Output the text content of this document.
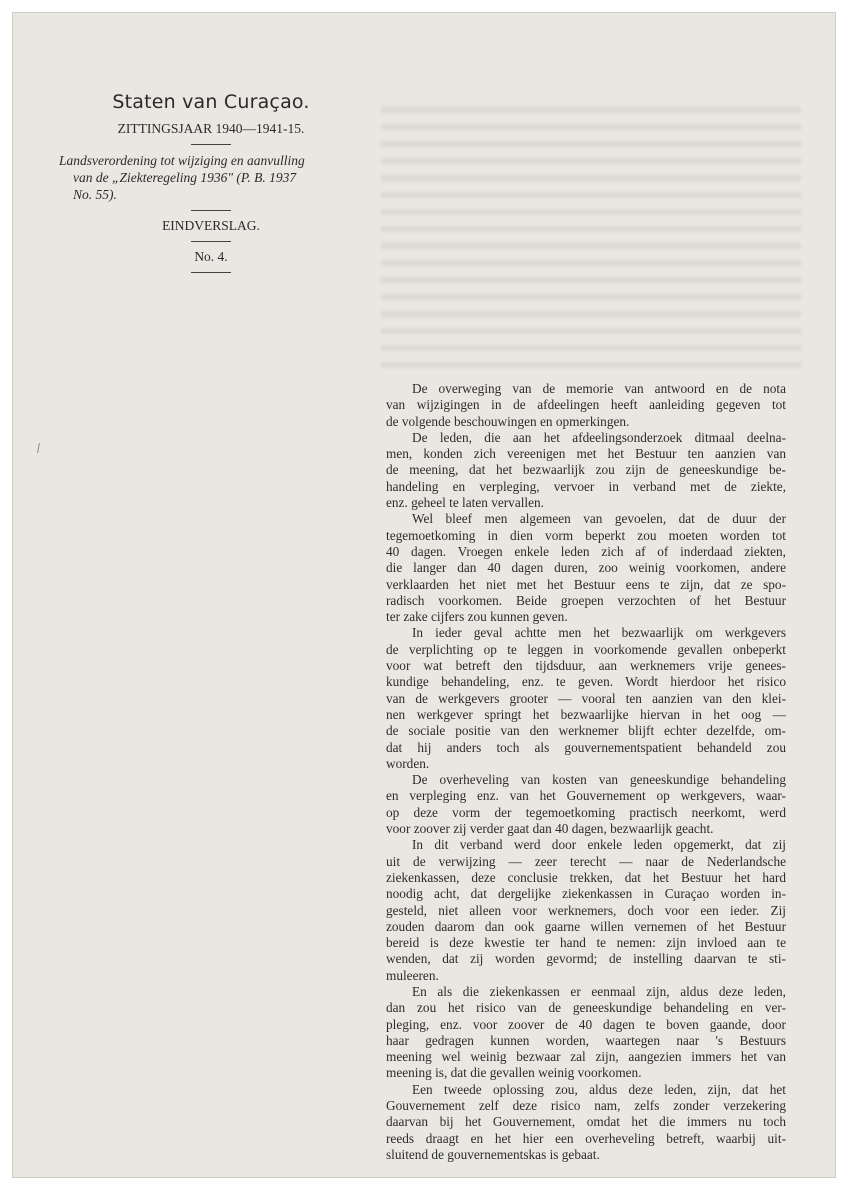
Staten van Curaçao.
ZITTINGSJAAR 1940—1941-15.
Landsverordening tot wijziging en aanvulling
van de „Ziekteregeling 1936" (P. B. 1937
No. 55).
EINDVERSLAG.
No. 4.

De overweging van de memorie van antwoord en de nota
van wijzigingen in de afdeelingen heeft aanleiding gegeven tot
de volgende beschouwingen en opmerkingen.

De leden, die aan het afdeelingsonderzoek ditmaal deelna-
men, konden zich vereenigen met het Bestuur ten aanzien van
de meening, dat het bezwaarlijk zou zijn de geneeskundige be-
handeling en verpleging, vervoer in verband met de ziekte,
enz. geheel te laten vervallen.

Wel bleef men algemeen van gevoelen, dat de duur der
tegemoetkoming in dien vorm beperkt zou moeten worden tot
40 dagen. Vroegen enkele leden zich af of inderdaad ziekten,
die langer dan 40 dagen duren, zoo weinig voorkomen, andere
verklaarden het niet met het Bestuur eens te zijn, dat ze spo-
radisch voorkomen. Beide groepen verzochten of het Bestuur
ter zake cijfers zou kunnen geven.

In ieder geval achtte men het bezwaarlijk om werkgevers
de verplichting op te leggen in voorkomende gevallen onbeperkt
voor wat betreft den tijdsduur, aan werknemers vrije genees-
kundige behandeling, enz. te geven. Wordt hierdoor het risico
van de werkgevers grooter — vooral ten aanzien van den klei-
nen werkgever springt het bezwaarlijke hiervan in het oog —
de sociale positie van den werknemer blijft echter dezelfde, om-
dat hij anders toch als gouvernementspatient behandeld zou
worden.

De overheveling van kosten van geneeskundige behandeling
en verpleging enz. van het Gouvernement op werkgevers, waar-
op deze vorm der tegemoetkoming practisch neerkomt, werd
voor zoover zij verder gaat dan 40 dagen, bezwaarlijk geacht.

In dit verband werd door enkele leden opgemerkt, dat zij
uit de verwijzing — zeer terecht — naar de Nederlandsche
ziekenkassen, deze conclusie trekken, dat het Bestuur het hard
noodig acht, dat dergelijke ziekenkassen in Curaçao worden in-
gesteld, niet alleen voor werknemers, doch voor een ieder. Zij
zouden daarom dan ook gaarne willen vernemen of het Bestuur
bereid is deze kwestie ter hand te nemen: zijn invloed aan te
wenden, dat zij worden gevormd; de instelling daarvan te sti-
muleeren.

En als die ziekenkassen er eenmaal zijn, aldus deze leden,
dan zou het risico van de geneeskundige behandeling en ver-
pleging, enz. voor zoover de 40 dagen te boven gaande, door
haar gedragen kunnen worden, waartegen naar 's Bestuurs
meening wel weinig bezwaar zal zijn, aangezien immers het van
meening is, dat die gevallen weinig voorkomen.

Een tweede oplossing zou, aldus deze leden, zijn, dat het
Gouvernement zelf deze risico nam, zelfs zonder verzekering
daarvan bij het Gouvernement, omdat het die immers nu toch
reeds draagt en het hier een overheveling betreft, waarbij uit-
sluitend de gouvernementskas is gebaat.
